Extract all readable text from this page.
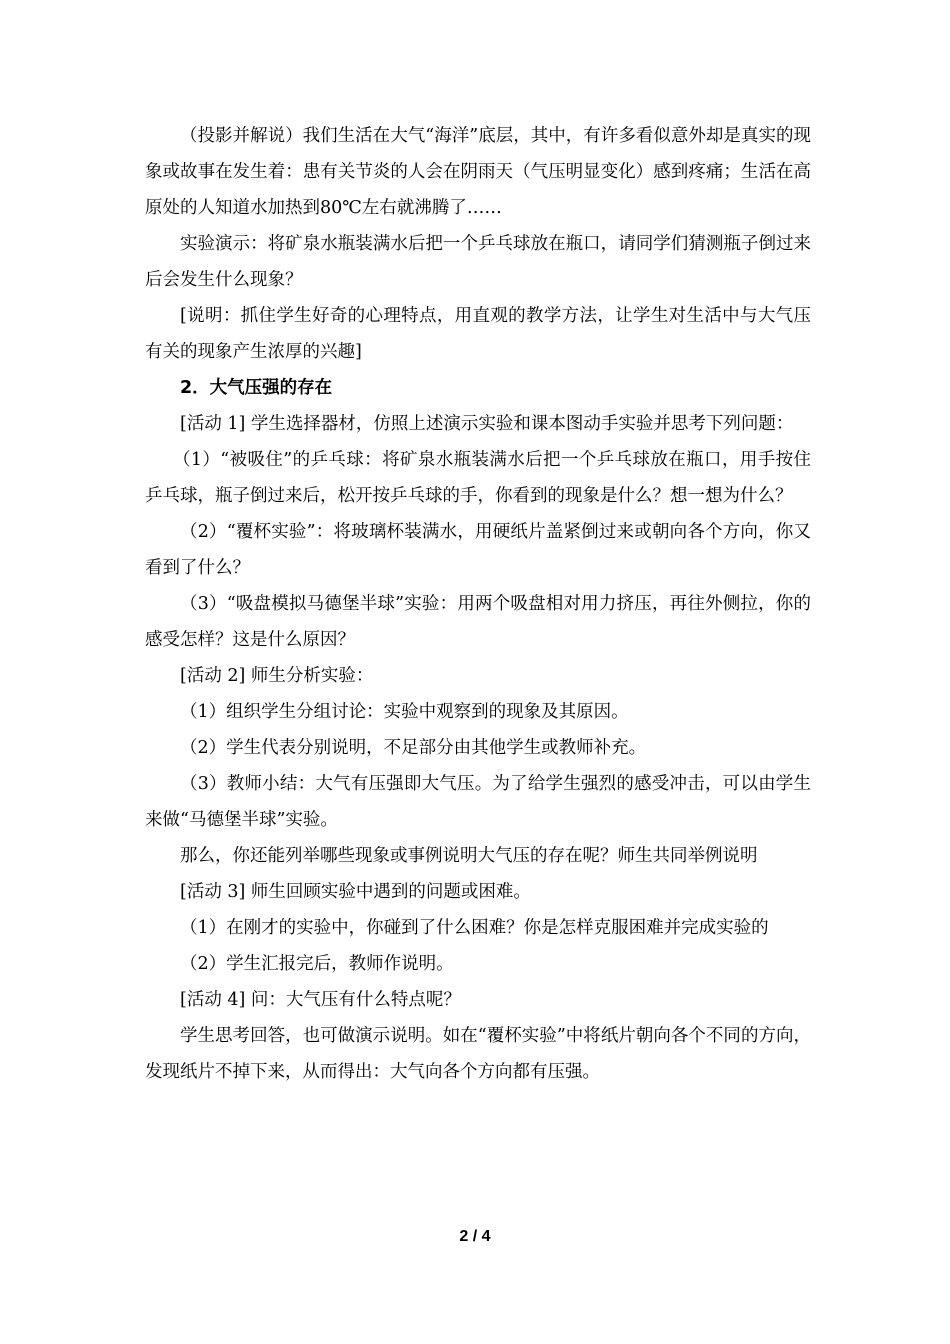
（投影并解说）我们生活在大气“海洋”底层，其中，有许多看似意外却是真实的现象或故事在发生着：患有关节炎的人会在阴雨天（气压明显变化）感到疼痛；生活在高原处的人知道水加热到80℃左右就沸腾了……

实验演示：将矿泉水瓶装满水后把一个乒乓球放在瓶口，请同学们猜测瓶子倒过来后会发生什么现象？

[说明：抓住学生好奇的心理特点，用直观的教学方法，让学生对生活中与大气压有关的现象产生浓厚的兴趣]

2．大气压强的存在

[活动 1] 学生选择器材，仿照上述演示实验和课本图动手实验并思考下列问题：

（1）“被吸住”的乒乓球：将矿泉水瓶装满水后把一个乒乓球放在瓶口，用手按住乒乓球，瓶子倒过来后，松开按乒乓球的手，你看到的现象是什么？想一想为什么？

（2）“覆杯实验”：将玻璃杯装满水，用硬纸片盖紧倒过来或朝向各个方向，你又看到了什么？

（3）“吸盘模拟马德堡半球”实验：用两个吸盘相对用力挤压，再往外侧拉，你的感受怎样？这是什么原因？

[活动 2] 师生分析实验：

（1）组织学生分组讨论：实验中观察到的现象及其原因。

（2）学生代表分别说明，不足部分由其他学生或教师补充。

（3）教师小结：大气有压强即大气压。为了给学生强烈的感受冲击，可以由学生来做“马德堡半球”实验。

那么，你还能列举哪些现象或事例说明大气压的存在呢？师生共同举例说明

[活动 3] 师生回顾实验中遇到的问题或困难。

（1）在刚才的实验中，你碰到了什么困难？你是怎样克服困难并完成实验的

（2）学生汇报完后，教师作说明。

[活动 4] 问：大气压有什么特点呢？

学生思考回答，也可做演示说明。如在“覆杯实验”中将纸片朝向各个不同的方向，发现纸片不掉下来，从而得出：大气向各个方向都有压强。

2 / 4
